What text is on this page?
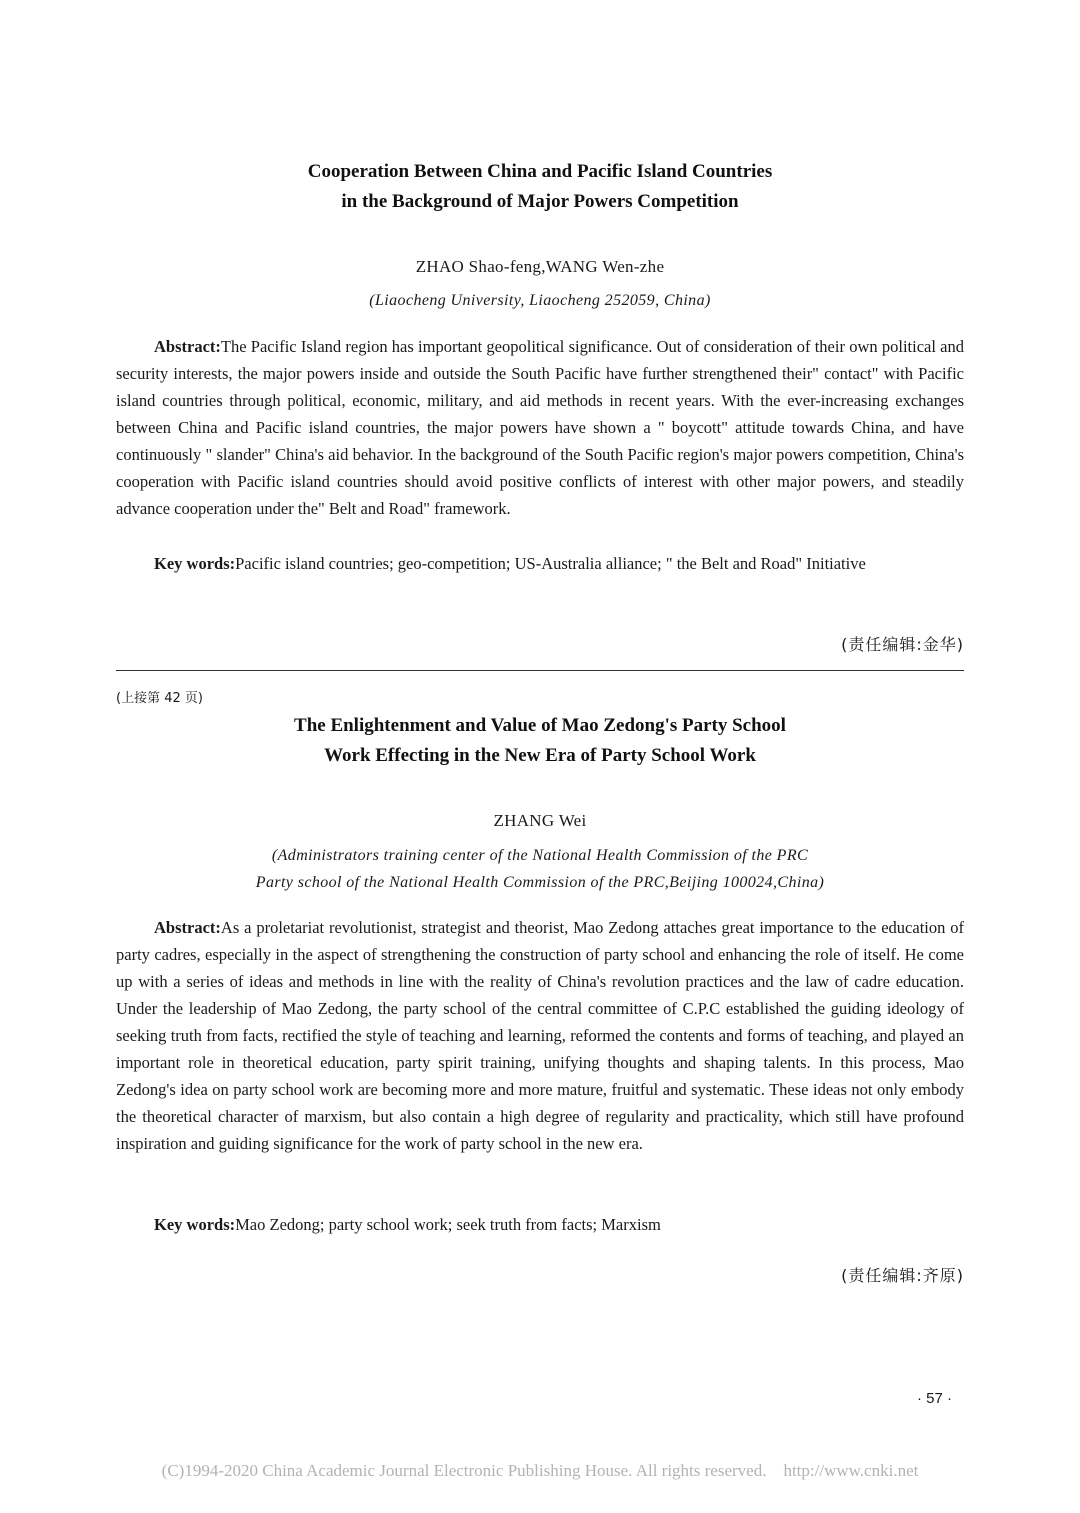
Cooperation Between China and Pacific Island Countries
in the Background of Major Powers Competition
ZHAO Shao-feng,WANG Wen-zhe
(Liaocheng University, Liaocheng 252059, China)

Abstract:The Pacific Island region has important geopolitical significance. Out of consideration of their own political and security interests, the major powers inside and outside the South Pacific have further strengthened their" contact" with Pacific island countries through political, economic, military, and aid methods in recent years. With the ever-increasing exchanges between China and Pacific island countries, the major powers have shown a " boycott" attitude towards China, and have continuously " slander" China's aid behavior. In the background of the South Pacific region's major powers competition, China's cooperation with Pacific island countries should avoid positive conflicts of interest with other major powers, and steadily advance cooperation under the" Belt and Road" framework.

Key words:Pacific island countries; geo-competition; US-Australia alliance; " the Belt and Road" Initiative

(责任编辑:金华)
(上接第 42 页)
The Enlightenment and Value of Mao Zedong's Party School
Work Effecting in the New Era of Party School Work
ZHANG Wei
(Administrators training center of the National Health Commission of the PRC
Party school of the National Health Commission of the PRC,Beijing 100024,China)

Abstract:As a proletariat revolutionist, strategist and theorist, Mao Zedong attaches great importance to the education of party cadres, especially in the aspect of strengthening the construction of party school and enhancing the role of itself. He come up with a series of ideas and methods in line with the reality of China's revolution practices and the law of cadre education. Under the leadership of Mao Zedong, the party school of the central committee of C.P.C established the guiding ideology of seeking truth from facts, rectified the style of teaching and learning, reformed the contents and forms of teaching, and played an important role in theoretical education, party spirit training, unifying thoughts and shaping talents. In this process, Mao Zedong's idea on party school work are becoming more and more mature, fruitful and systematic. These ideas not only embody the theoretical character of marxism, but also contain a high degree of regularity and practicality, which still have profound inspiration and guiding significance for the work of party school in the new era.

Key words:Mao Zedong; party school work; seek truth from facts; Marxism

(责任编辑:齐原)
· 57 ·
(C)1994-2020 China Academic Journal Electronic Publishing House. All rights reserved.    http://www.cnki.net
